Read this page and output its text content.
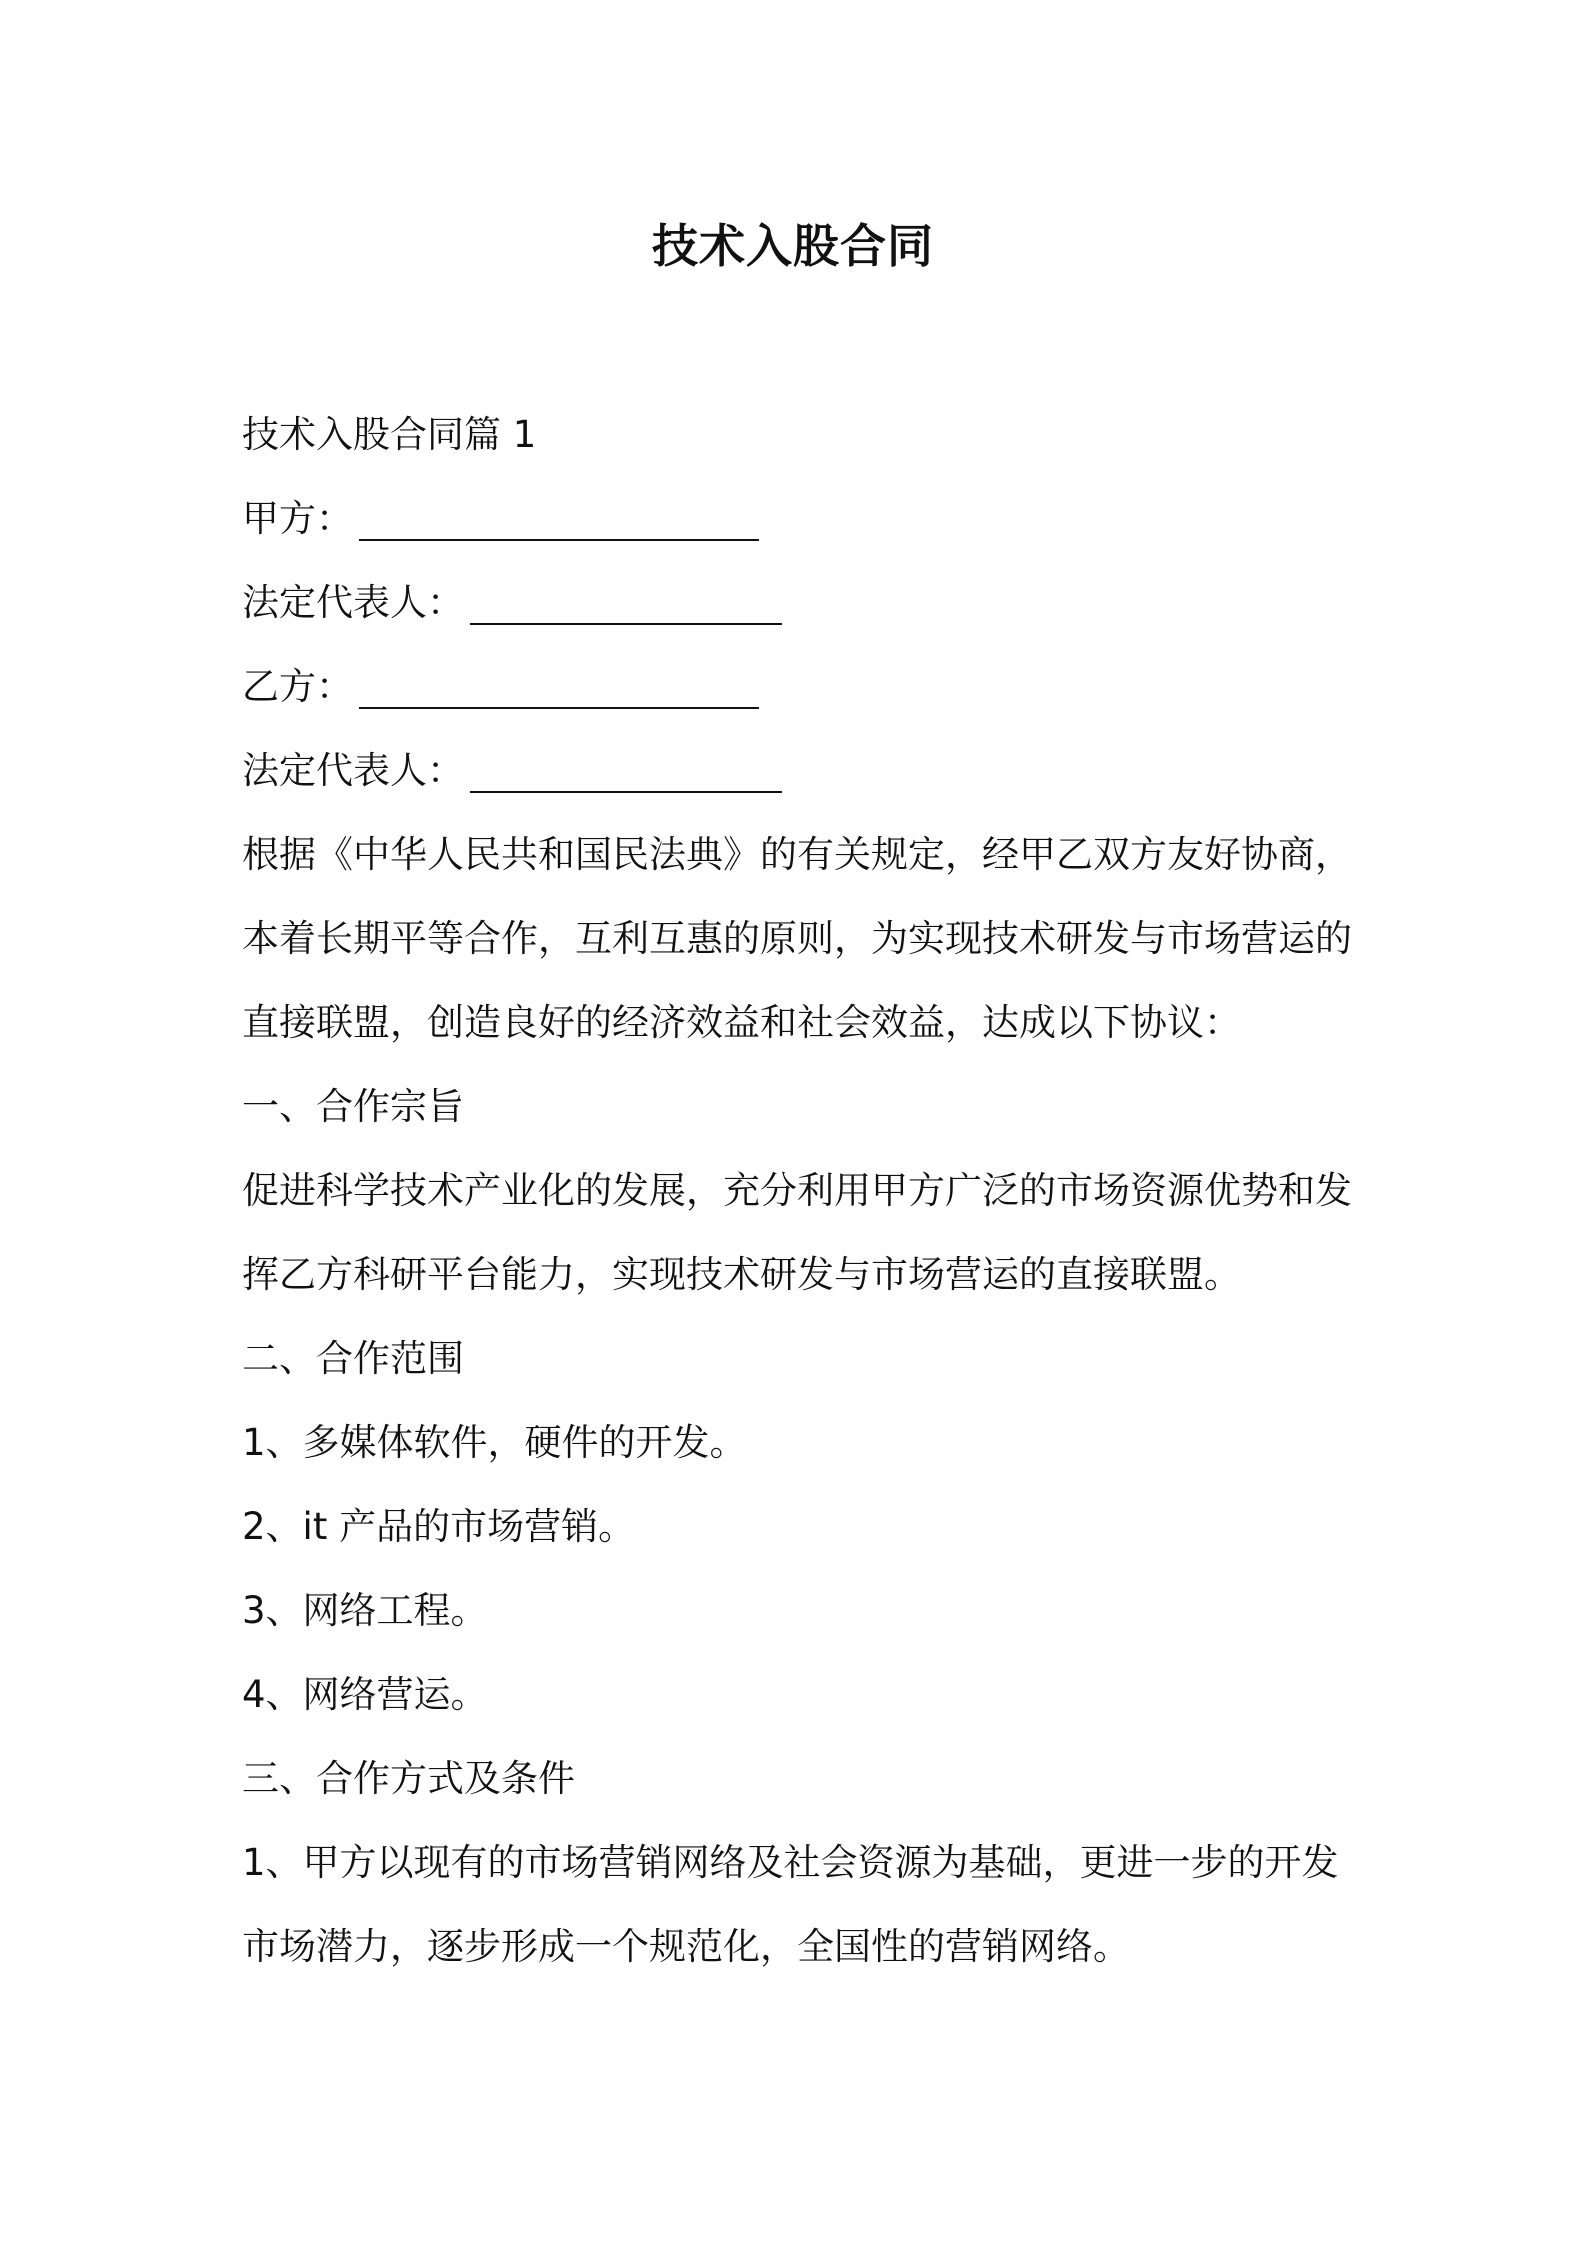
技术入股合同

技术入股合同篇 1

甲方：

法定代表人：

乙方：

法定代表人：

根据《中华人民共和国民法典》的有关规定，经甲乙双方友好协商，

本着长期平等合作，互利互惠的原则，为实现技术研发与市场营运的

直接联盟，创造良好的经济效益和社会效益，达成以下协议：

一、合作宗旨

促进科学技术产业化的发展，充分利用甲方广泛的市场资源优势和发

挥乙方科研平台能力，实现技术研发与市场营运的直接联盟。

二、合作范围

1、多媒体软件，硬件的开发。

2、it 产品的市场营销。

3、网络工程。

4、网络营运。

三、合作方式及条件

1、甲方以现有的市场营销网络及社会资源为基础，更进一步的开发

市场潜力，逐步形成一个规范化，全国性的营销网络。
